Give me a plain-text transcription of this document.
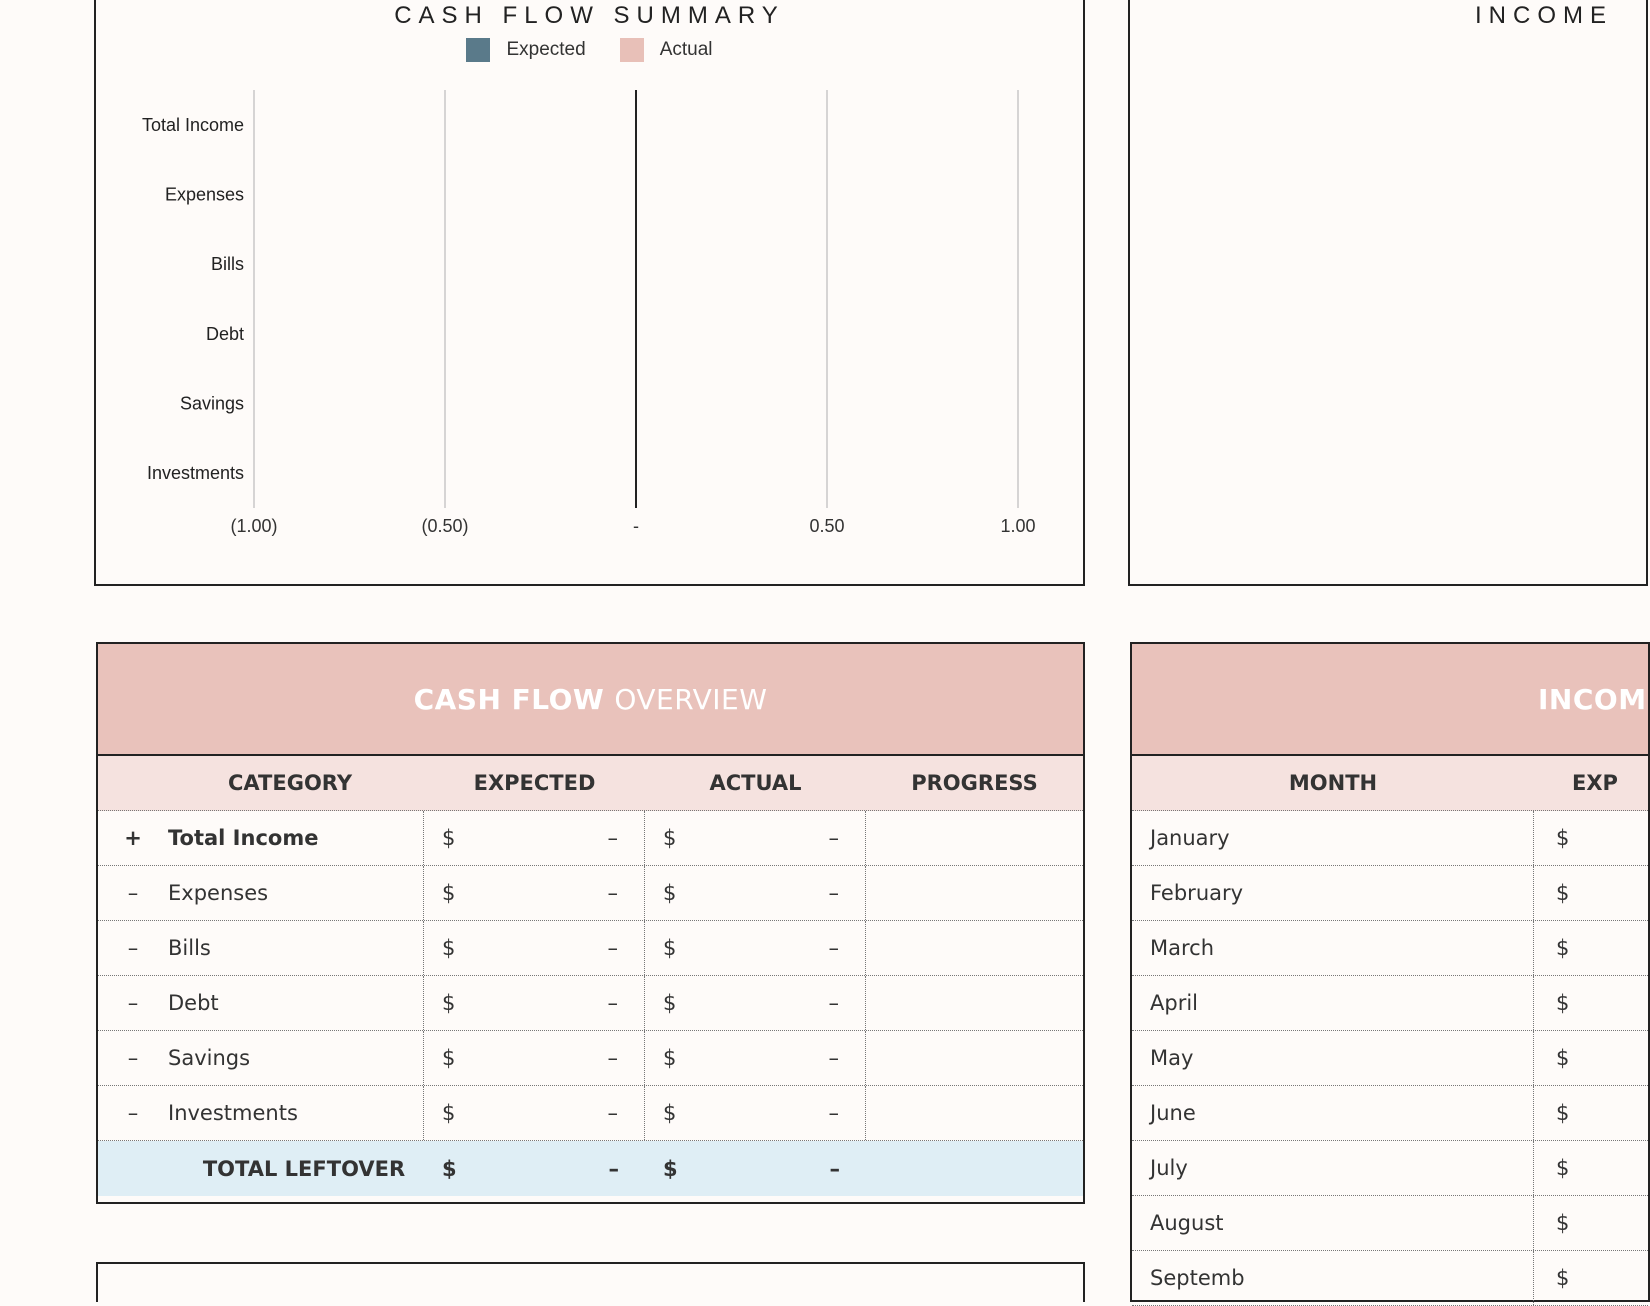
CASH FLOW SUMMARY
Expected	Actual
(1.00)	(0.50)	-	0.50	1.00
Total Income
Expenses
Bills
Debt
Savings
Investments
INCOME
CASH FLOW OVERVIEW
CATEGORY	EXPECTED	ACTUAL	PROGRESS
+	Total Income	$	– $	–
–	Expenses	$	– $	–
–	Bills	$	– $	–
–	Debt	$	– $	–
–	Savings	$	– $	–
–	Investments	$	– $	–
TOTAL LEFTOVER	$	– $	–
INCOM
MONTH	EXP
January	$
February	$
March	$
April	$
May	$
June	$
July	$
August	$
Septemb	$
